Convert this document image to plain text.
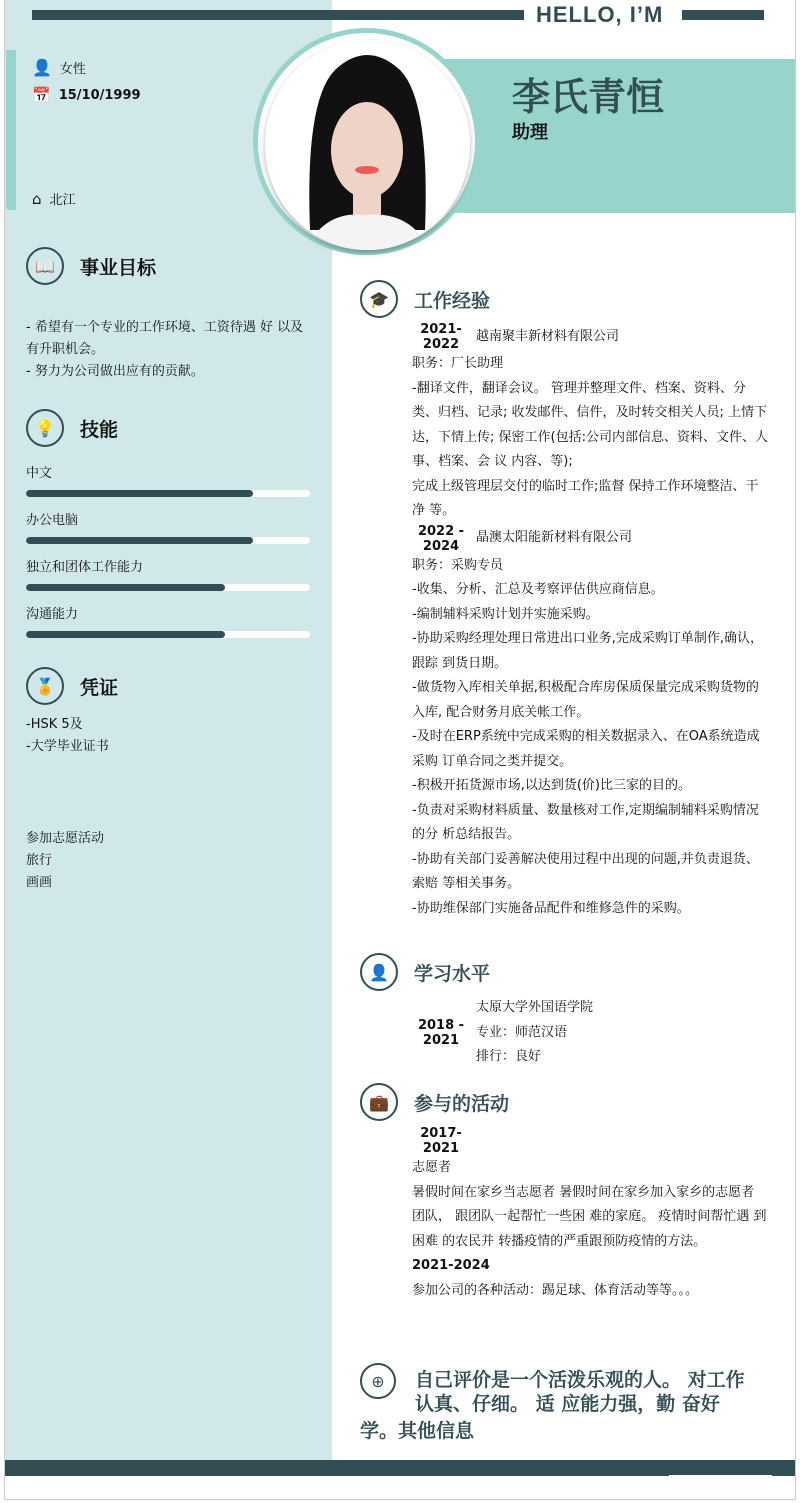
HELLO, I’M
👤 女性
📅 15/10/1999
⌂ 北江
李氏青恒
助理
📖	事业目标
- 希望有一个专业的工作环境、工资待遇 好 以及有升职机会。
- 努力为公司做出应有的贡献。
💡	技能
中文
办公电脑
独立和团体工作能力
沟通能力
🏅	凭证
-HSK 5及
-大学毕业证书
参加志愿活动
旅行
画画
🎓	工作经验
2021-
2022
越南聚丰新材料有限公司
职务：厂长助理
-翻译文件，翻译会议。 管理并整理文件、档案、资料、分类、归档、记录; 收发邮件、信件，及时转交相关人员; 上情下达，下情上传; 保密工作(包括:公司内部信息、资料、文件、人事、档案、会 议 内容、等);
完成上级管理层交付的临时工作;监督 保持工作环境整洁、干净 等。
2022 -
2024
晶澳太阳能新材料有限公司
职务：采购专员
-收集、分析、汇总及考察评估供应商信息。
-编制辅料采购计划并实施采购。
-协助采购经理处理日常进出口业务,完成采购订单制作,确认，跟踪 到货日期。
-做货物入库相关单据,积极配合库房保质保量完成采购货物的入库, 配合财务月底关帐工作。
-及时在ERP系统中完成采购的相关数据录入、在OA系统造成采购 订单合同之类并提交。
-积极开拓货源市场,以达到货(价)比三家的目的。
-负责对采购材料质量、数量核对工作,定期编制辅料采购情况的分 析总结报告。
-协助有关部门妥善解决使用过程中出现的问题,并负责退货、索赔 等相关事务。
-协助维保部门实施备品配件和维修急件的采购。
👤	学习水平
2018 -
2021
太原大学外国语学院
专业：师范汉语
排行：良好
💼	参与的活动
2017-
2021
志愿者
暑假时间在家乡当志愿者 暑假时间在家乡加入家乡的志愿者 团队， 跟团队一起帮忙一些困 难的家庭。 疫情时间帮忙遇 到困难 的农民并 转播疫情的严重跟预防疫情的方法。
2021-2024
参加公司的各种活动：踢足球、体育活动等等。。。
⊕	自己评价是一个活泼乐观的人。 对工作
认真、仔细。 适 应能力强，勤 奋好
学。其他信息
